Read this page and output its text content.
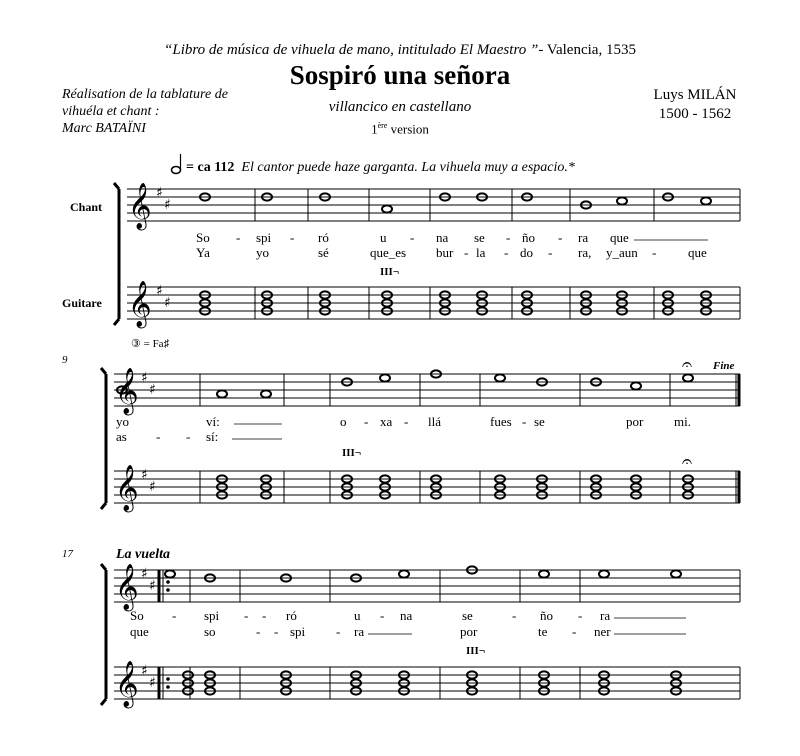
“Libro de música de vihuela de mano, intitulado El Maestro ”- Valencia, 1535
Sospiró una señora
villancico en castellano
1ère version
Réalisation de la tablature de
vihuéla et chant :
Marc BATAÏNI
Luys MILÁN
1500 - 1562
= ca 112 El cantor puede haze garganta. La vihuela muy a espacio.*
Chant
Guitare
③ = Fa♯
9	Fine
17	La vuelta
III¬
III¬
III¬
So - spi - ró	u - na se - ño - ra que
Ya	yo	sé	que_es bur - la - do - ra, y_aun - que
yo	ví:	o - xa - llá	fues - se	por mi.
as - - sí:
So - spi - - ró	u - na	se	- ño - ra
que	so	- - spi - ra	por	te - ner
𝄞
𝄞
♯
♯
♯
♯
𝄞
𝄞
♯
♯
♯
♯
𝄐
𝄐
𝄞
𝄞
♯
♯
♯
♯
